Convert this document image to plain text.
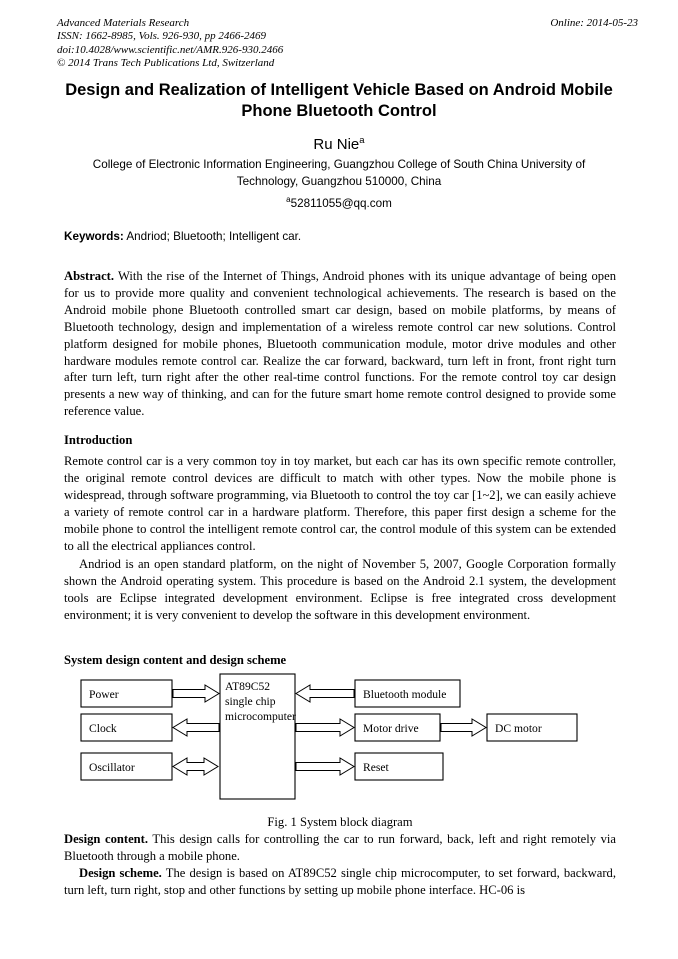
Advanced Materials Research
ISSN: 1662-8985, Vols. 926-930, pp 2466-2469
doi:10.4028/www.scientific.net/AMR.926-930.2466
© 2014 Trans Tech Publications Ltd, Switzerland
Online: 2014-05-23
Design and Realization of Intelligent Vehicle Based on Android Mobile Phone Bluetooth Control
Ru Nie$^a$
College of Electronic Information Engineering, Guangzhou College of South China University of Technology, Guangzhou 510000, China
$^a$52811055@qq.com
Keywords: Andriod; Bluetooth; Intelligent car.
Abstract. With the rise of the Internet of Things, Android phones with its unique advantage of being open for us to provide more quality and convenient technological achievements. The research is based on the Android mobile phone Bluetooth controlled smart car design, based on mobile platforms, by means of Bluetooth technology, design and implementation of a wireless remote control car new solutions. Control platform designed for mobile phones, Bluetooth communication module, motor drive modules and other hardware modules remote control car. Realize the car forward, backward, turn left in front, front right turn after turn left, turn right after the other real-time control functions. For the remote control toy car design presents a new way of thinking, and can for the future smart home remote control designed to provide some reference value.
Introduction
Remote control car is a very common toy in toy market, but each car has its own specific remote controller, the original remote control devices are difficult to match with other types. Now the mobile phone is widespread, through software programming, via Bluetooth to control the toy car [1~2], we can easily achieve a variety of remote control car in a hardware platform. Therefore, this paper first design a scheme for the mobile phone to control the intelligent remote control car, the control module of this system can be extended to all the electrical appliances control.
Andriod is an open standard platform, on the night of November 5, 2007, Google Corporation formally shown the Android operating system. This procedure is based on the Android 2.1 system, the development tools are Eclipse integrated development environment. Eclipse is free integrated cross development environment; it is very convenient to develop the software in this development environment.
System design content and design scheme
Power
Clock
Oscillator
AT89C52
single chip
microcomputer
Bluetooth module
Motor drive	DC motor
Reset
Fig. 1 System block diagram
Design content. This design calls for controlling the car to run forward, back, left and right remotely via Bluetooth through a mobile phone.
Design scheme. The design is based on AT89C52 single chip microcomputer, to set forward, backward, turn left, turn right, stop and other functions by setting up mobile phone interface. HC-06 is
